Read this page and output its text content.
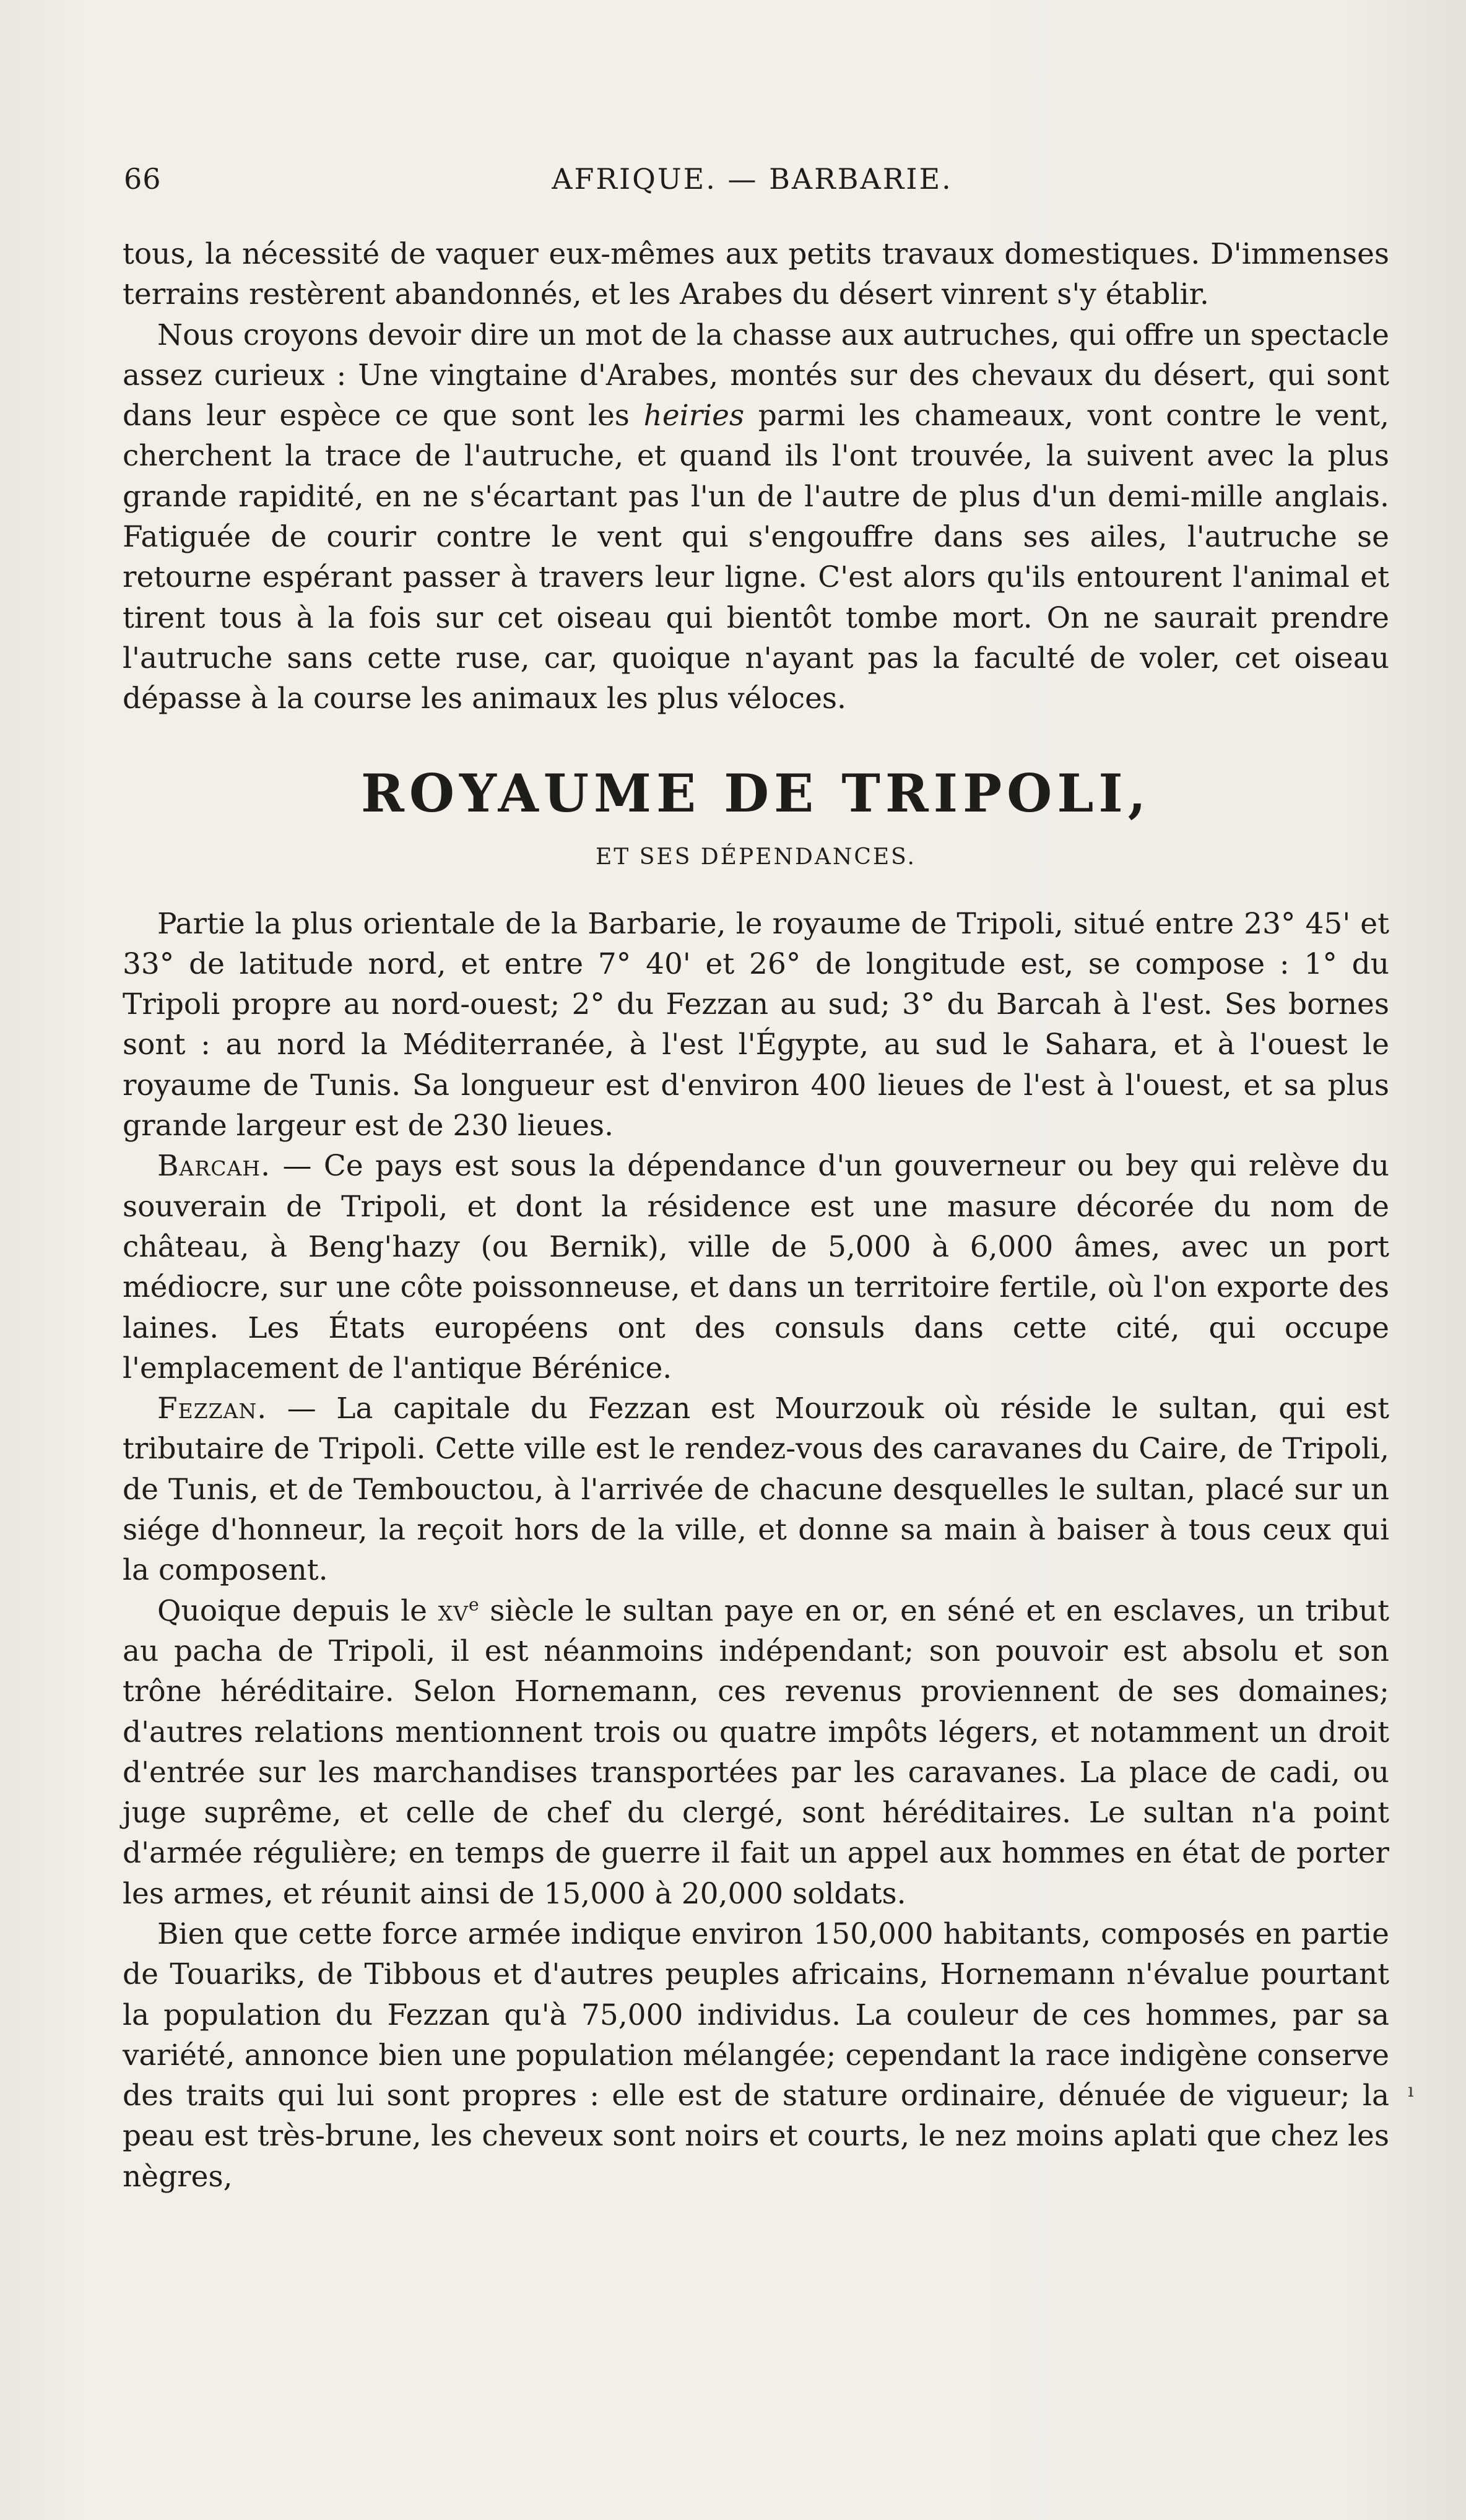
66	AFRIQUE. — BARBARIE.

tous, la nécessité de vaquer eux-mêmes aux petits travaux domestiques. D'immenses terrains restèrent abandonnés, et les Arabes du désert vinrent s'y établir.

Nous croyons devoir dire un mot de la chasse aux autruches, qui offre un spectacle assez curieux : Une vingtaine d'Arabes, montés sur des chevaux du désert, qui sont dans leur espèce ce que sont les heiries parmi les chameaux, vont contre le vent, cherchent la trace de l'autruche, et quand ils l'ont trouvée, la suivent avec la plus grande rapidité, en ne s'écartant pas l'un de l'autre de plus d'un demi-mille anglais. Fatiguée de courir contre le vent qui s'engouffre dans ses ailes, l'autruche se retourne espérant passer à travers leur ligne. C'est alors qu'ils entourent l'animal et tirent tous à la fois sur cet oiseau qui bientôt tombe mort. On ne saurait prendre l'autruche sans cette ruse, car, quoique n'ayant pas la faculté de voler, cet oiseau dépasse à la course les animaux les plus véloces.

ROYAUME DE TRIPOLI,
ET SES DÉPENDANCES.

Partie la plus orientale de la Barbarie, le royaume de Tripoli, situé entre 23° 45' et 33° de latitude nord, et entre 7° 40' et 26° de longitude est, se compose : 1° du Tripoli propre au nord-ouest; 2° du Fezzan au sud; 3° du Barcah à l'est. Ses bornes sont : au nord la Méditerranée, à l'est l'Égypte, au sud le Sahara, et à l'ouest le royaume de Tunis. Sa longueur est d'environ 400 lieues de l'est à l'ouest, et sa plus grande largeur est de 230 lieues.

Barcah. — Ce pays est sous la dépendance d'un gouverneur ou bey qui relève du souverain de Tripoli, et dont la résidence est une masure décorée du nom de château, à Beng'hazy (ou Bernik), ville de 5,000 à 6,000 âmes, avec un port médiocre, sur une côte poissonneuse, et dans un territoire fertile, où l'on exporte des laines. Les États européens ont des consuls dans cette cité, qui occupe l'emplacement de l'antique Bérénice.

Fezzan. — La capitale du Fezzan est Mourzouk où réside le sultan, qui est tributaire de Tripoli. Cette ville est le rendez-vous des caravanes du Caire, de Tripoli, de Tunis, et de Tembouctou, à l'arrivée de chacune desquelles le sultan, placé sur un siége d'honneur, la reçoit hors de la ville, et donne sa main à baiser à tous ceux qui la composent.

Quoique depuis le $xv^e$ siècle le sultan paye en or, en séné et en esclaves, un tribut au pacha de Tripoli, il est néanmoins indépendant; son pouvoir est absolu et son trône héréditaire. Selon Hornemann, ces revenus proviennent de ses domaines; d'autres relations mentionnent trois ou quatre impôts légers, et notamment un droit d'entrée sur les marchandises transportées par les caravanes. La place de cadi, ou juge suprême, et celle de chef du clergé, sont héréditaires. Le sultan n'a point d'armée régulière; en temps de guerre il fait un appel aux hommes en état de porter les armes, et réunit ainsi de 15,000 à 20,000 soldats.

Bien que cette force armée indique environ 150,000 habitants, composés en partie de Touariks, de Tibbous et d'autres peuples africains, Hornemann n'évalue pourtant la population du Fezzan qu'à 75,000 individus. La couleur de ces hommes, par sa variété, annonce bien une population mélangée; cependant la race indigène conserve des traits qui lui sont propres : elle est de stature ordinaire, dénuée de vigueur; la peau est très-brune, les cheveux sont noirs et courts, le nez moins aplati que chez les nègres,

ı
